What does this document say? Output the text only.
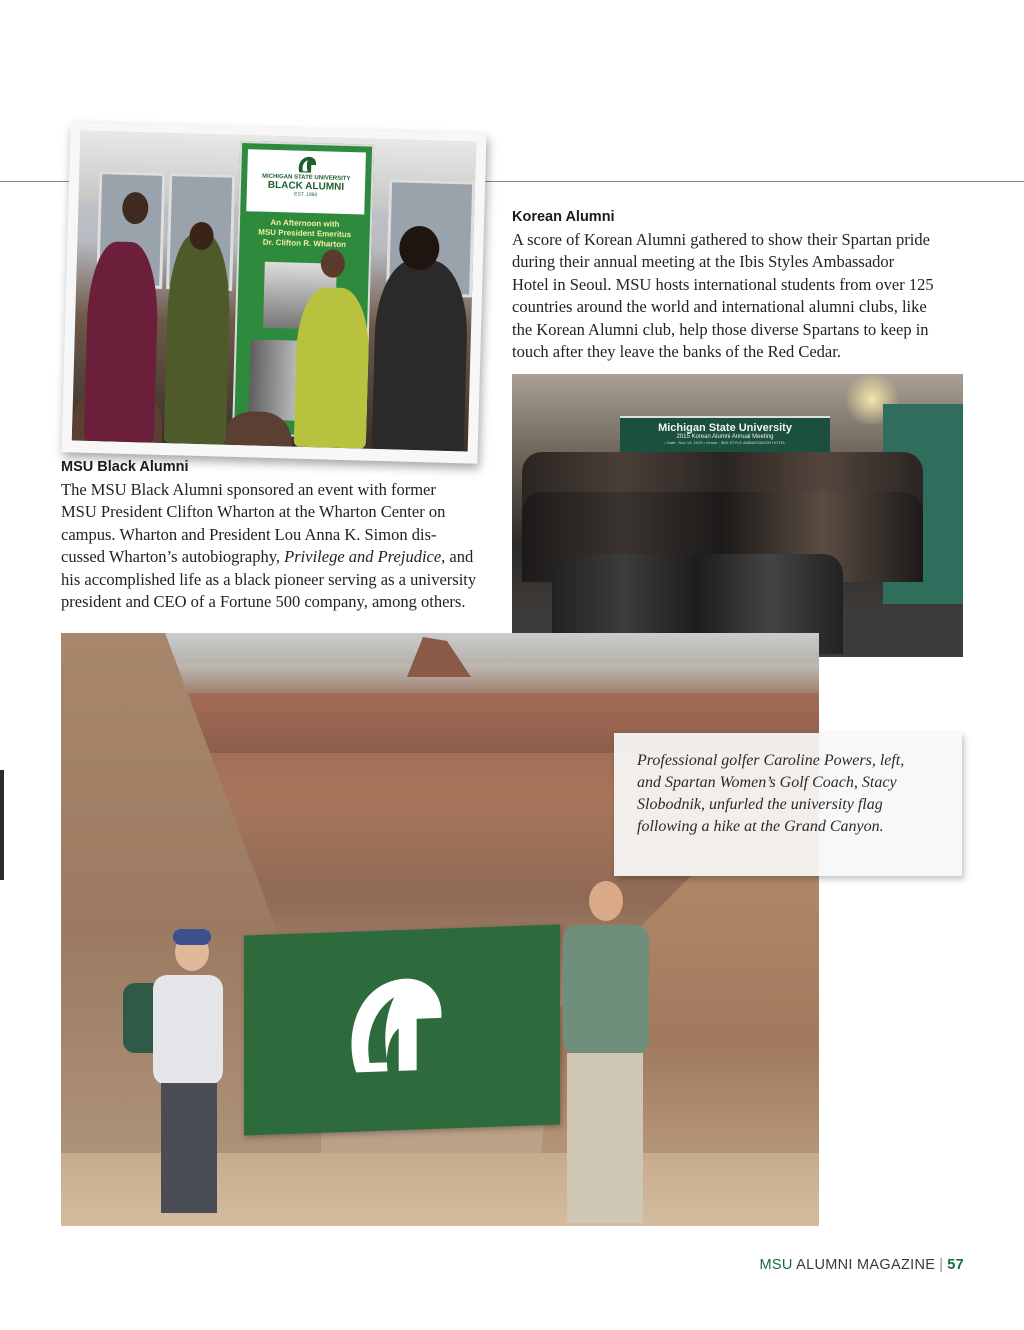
MICHIGAN STATE UNIVERSITY
BLACK ALUMNI
EST. 1980
An Afternoon with
MSU President Emeritus
Dr. Clifton R. Wharton
MSU Black Alumni
The MSU Black Alumni sponsored an event with former
MSU President Clifton Wharton at the Wharton Center on
campus. Wharton and President Lou Anna K. Simon dis-
cussed Wharton’s autobiography, Privilege and Prejudice, and
his accomplished life as a black pioneer serving as a university
president and CEO of a Fortune 500 company, among others.
Korean Alumni
A score of Korean Alumni gathered to show their Spartan pride
during their annual meeting at the Ibis Styles Ambassador
Hotel in Seoul. MSU hosts international students from over 125
countries around the world and international alumni clubs, like
the Korean Alumni club, help those diverse Spartans to keep in
touch after they leave the banks of the Red Cedar.
Michigan State University
2015 Korean Alumni Annual Meeting
• Date : Nov 14, 2015 • Venue : IBIS STYLE AMBASSADOR HOTEL
Professional golfer Caroline Powers, left,
and Spartan Women’s Golf Coach, Stacy
Slobodnik, unfurled the university flag
following a hike at the Grand Canyon.
MSU ALUMNI MAGAZINE | 57
